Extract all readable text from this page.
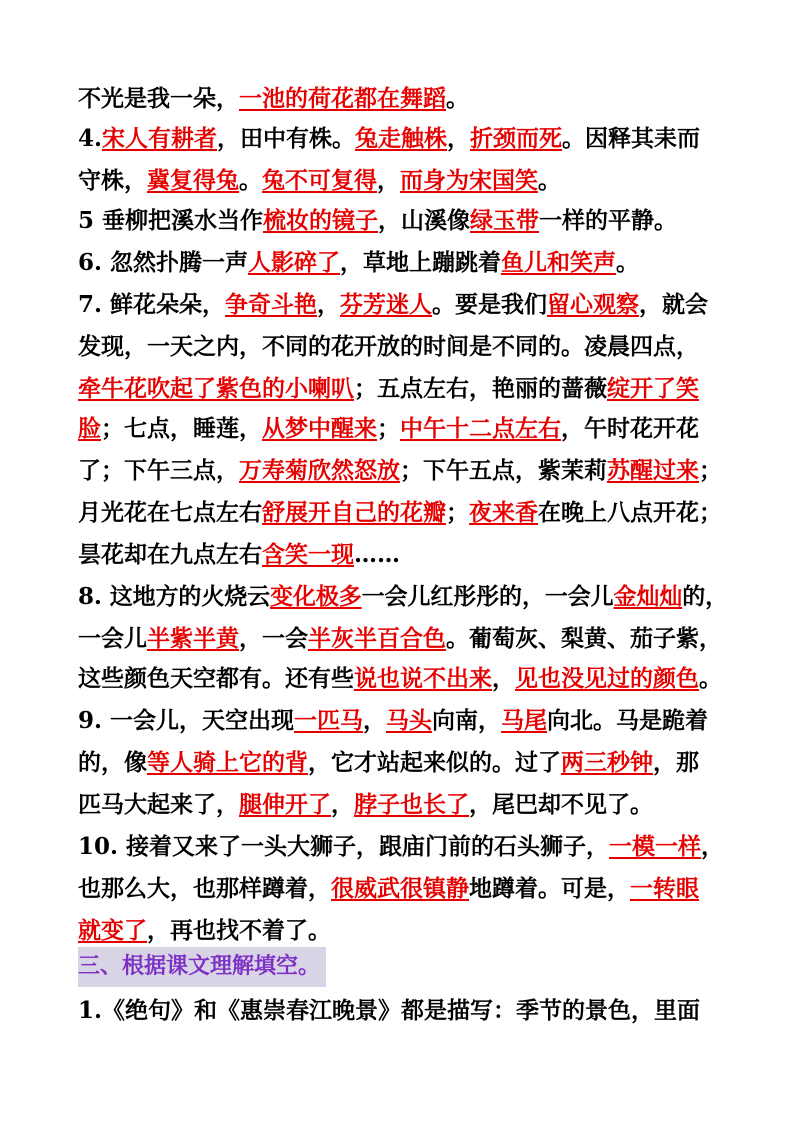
不光是我一朵，一池的荷花都在舞蹈。
4.宋人有耕者，田中有株。兔走触株，折颈而死。因释其耒而
守株，冀复得兔。兔不可复得，而身为宋国笑。
5 垂柳把溪水当作梳妆的镜子，山溪像绿玉带一样的平静。
6. 忽然扑腾一声人影碎了，草地上蹦跳着鱼儿和笑声。
7. 鲜花朵朵，争奇斗艳，芬芳迷人。要是我们留心观察，就会
发现，一天之内，不同的花开放的时间是不同的。凌晨四点，
牵牛花吹起了紫色的小喇叭；五点左右，艳丽的蔷薇绽开了笑
脸；七点，睡莲，从梦中醒来；中午十二点左右，午时花开花
了；下午三点，万寿菊欣然怒放；下午五点，紫茉莉苏醒过来；
月光花在七点左右舒展开自己的花瓣；夜来香在晚上八点开花；
昙花却在九点左右含笑一现……
8. 这地方的火烧云变化极多一会儿红彤彤的，一会儿金灿灿的，
一会儿半紫半黄，一会半灰半百合色。葡萄灰、梨黄、茄子紫，
这些颜色天空都有。还有些说也说不出来，见也没见过的颜色。
9. 一会儿，天空出现一匹马，马头向南，马尾向北。马是跪着
的，像等人骑上它的背，它才站起来似的。过了两三秒钟，那
匹马大起来了，腿伸开了，脖子也长了，尾巴却不见了。
10. 接着又来了一头大狮子，跟庙门前的石头狮子，一模一样，
也那么大，也那样蹲着，很威武很镇静地蹲着。可是，一转眼
就变了，再也找不着了。
三、根据课文理解填空。
1.《绝句》和《惠崇春江晚景》都是描写：季节的景色，里面
